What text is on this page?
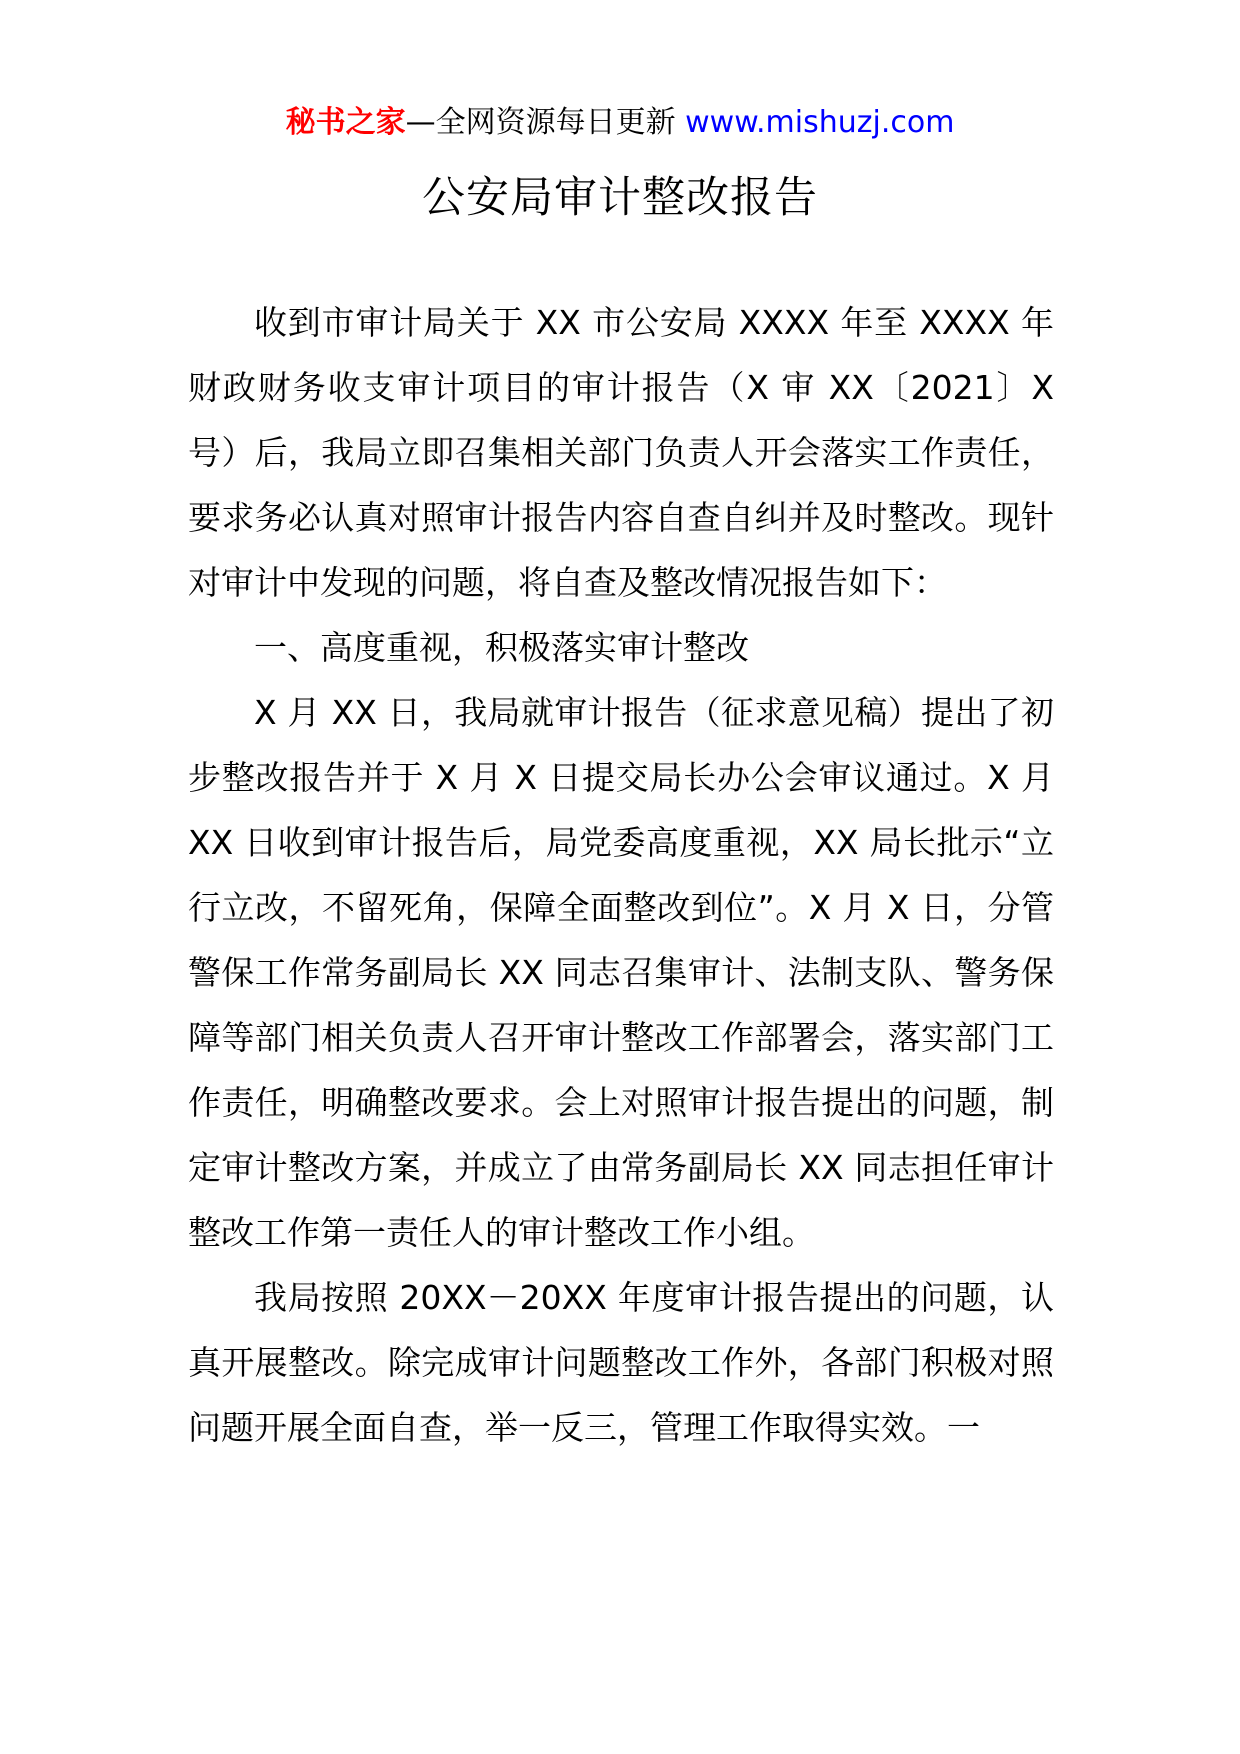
秘书之家—全网资源每日更新 www.mishuzj.com
公安局审计整改报告

收到市审计局关于 XX 市公安局 XXXX 年至 XXXX 年财政财务收支审计项目的审计报告（X 审 XX〔2021〕X 号）后，我局立即召集相关部门负责人开会落实工作责任，要求务必认真对照审计报告内容自查自纠并及时整改。现针对审计中发现的问题，将自查及整改情况报告如下：

一、高度重视，积极落实审计整改

X 月 XX 日，我局就审计报告（征求意见稿）提出了初步整改报告并于 X 月 X 日提交局长办公会审议通过。X 月 XX 日收到审计报告后，局党委高度重视，XX 局长批示“立行立改，不留死角，保障全面整改到位”。X 月 X 日，分管警保工作常务副局长 XX 同志召集审计、法制支队、警务保障等部门相关负责人召开审计整改工作部署会，落实部门工作责任，明确整改要求。会上对照审计报告提出的问题，制定审计整改方案，并成立了由常务副局长 XX 同志担任审计整改工作第一责任人的审计整改工作小组。

我局按照 20XX－20XX 年度审计报告提出的问题，认真开展整改。除完成审计问题整改工作外，各部门积极对照问题开展全面自查，举一反三，管理工作取得实效。一
